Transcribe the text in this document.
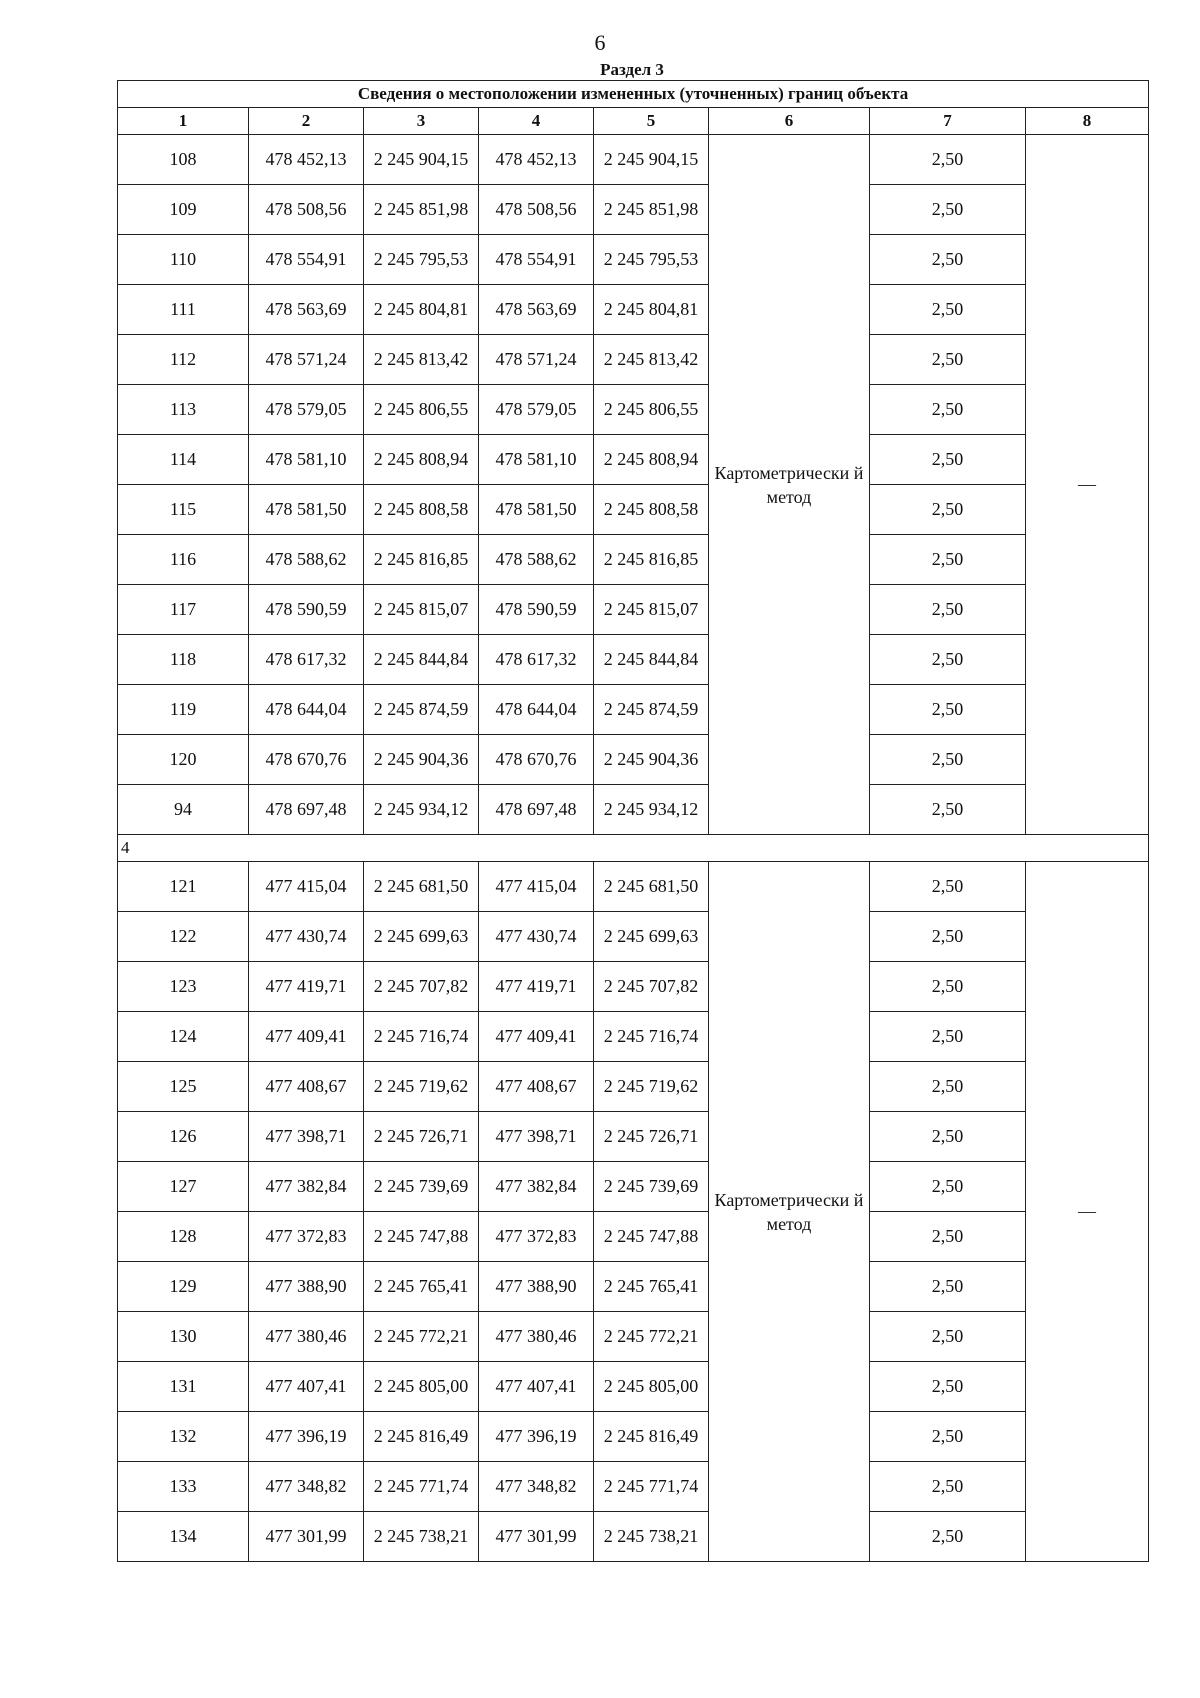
6
Раздел 3
Сведения о местоположении измененных (уточненных) границ объекта							
1	2	3	4	5	6	7	8
108	478 452,13	2 245 904,15	478 452,13	2 245 904,15	Картометрически й метод	2,50	—
109	478 508,56	2 245 851,98	478 508,56	2 245 851,98		2,50	
110	478 554,91	2 245 795,53	478 554,91	2 245 795,53		2,50	
111	478 563,69	2 245 804,81	478 563,69	2 245 804,81		2,50	
112	478 571,24	2 245 813,42	478 571,24	2 245 813,42		2,50	
113	478 579,05	2 245 806,55	478 579,05	2 245 806,55		2,50	
114	478 581,10	2 245 808,94	478 581,10	2 245 808,94		2,50	
115	478 581,50	2 245 808,58	478 581,50	2 245 808,58		2,50	
116	478 588,62	2 245 816,85	478 588,62	2 245 816,85		2,50	
117	478 590,59	2 245 815,07	478 590,59	2 245 815,07		2,50	
118	478 617,32	2 245 844,84	478 617,32	2 245 844,84		2,50	
119	478 644,04	2 245 874,59	478 644,04	2 245 874,59		2,50	
120	478 670,76	2 245 904,36	478 670,76	2 245 904,36		2,50	
94	478 697,48	2 245 934,12	478 697,48	2 245 934,12		2,50	
4							
121	477 415,04	2 245 681,50	477 415,04	2 245 681,50	Картометрически й метод	2,50	—
122	477 430,74	2 245 699,63	477 430,74	2 245 699,63		2,50	
123	477 419,71	2 245 707,82	477 419,71	2 245 707,82		2,50	
124	477 409,41	2 245 716,74	477 409,41	2 245 716,74		2,50	
125	477 408,67	2 245 719,62	477 408,67	2 245 719,62		2,50	
126	477 398,71	2 245 726,71	477 398,71	2 245 726,71		2,50	
127	477 382,84	2 245 739,69	477 382,84	2 245 739,69		2,50	
128	477 372,83	2 245 747,88	477 372,83	2 245 747,88		2,50	
129	477 388,90	2 245 765,41	477 388,90	2 245 765,41		2,50	
130	477 380,46	2 245 772,21	477 380,46	2 245 772,21		2,50	
131	477 407,41	2 245 805,00	477 407,41	2 245 805,00		2,50	
132	477 396,19	2 245 816,49	477 396,19	2 245 816,49		2,50	
133	477 348,82	2 245 771,74	477 348,82	2 245 771,74		2,50	
134	477 301,99	2 245 738,21	477 301,99	2 245 738,21		2,50	
